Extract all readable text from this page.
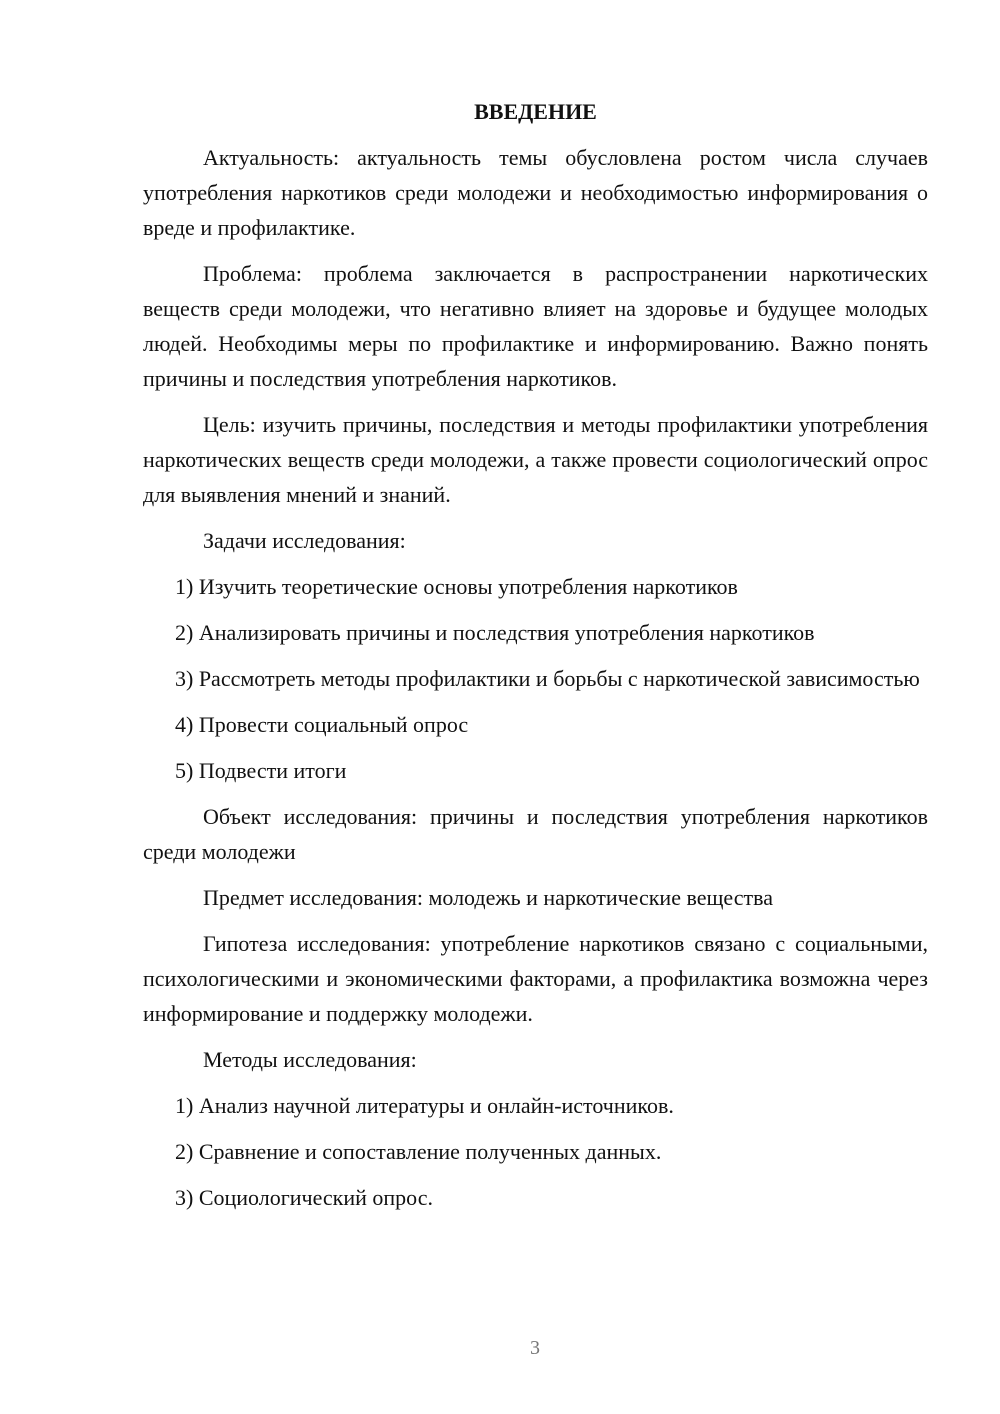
ВВЕДЕНИЕ

Актуальность: актуальность темы обусловлена ростом числа случаев употребления наркотиков среди молодежи и необходимостью информирования о вреде и профилактике.

Проблема: проблема заключается в распространении наркотических веществ среди молодежи, что негативно влияет на здоровье и будущее молодых людей. Необходимы меры по профилактике и информированию. Важно понять причины и последствия употребления наркотиков.

Цель: изучить причины, последствия и методы профилактики употребления наркотических веществ среди молодежи, а также провести социологический опрос для выявления мнений и знаний.

Задачи исследования:

1) Изучить теоретические основы употребления наркотиков

2) Анализировать причины и последствия употребления наркотиков

3) Рассмотреть методы профилактики и борьбы с наркотической зависимостью

4) Провести социальный опрос

5) Подвести итоги

Объект исследования: причины и последствия употребления наркотиков среди молодежи

Предмет исследования: молодежь и наркотические вещества

Гипотеза исследования: употребление наркотиков связано с социальными, психологическими и экономическими факторами, а профилактика возможна через информирование и поддержку молодежи.

Методы исследования:

1) Анализ научной литературы и онлайн-источников.

2) Сравнение и сопоставление полученных данных.

3) Социологический опрос.

3
